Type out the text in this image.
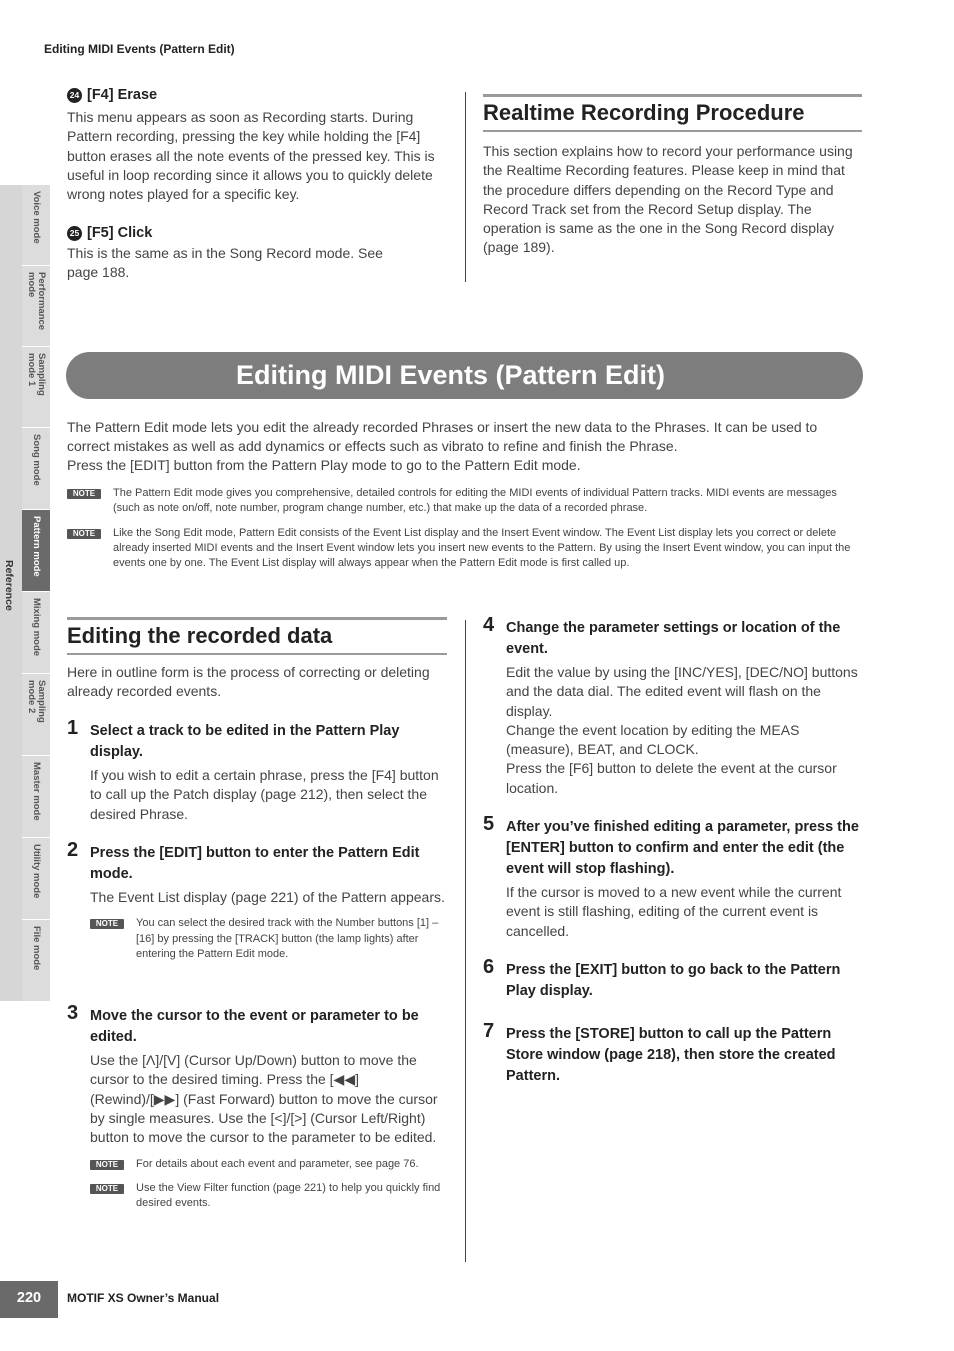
Editing MIDI Events (Pattern Edit)
Voice mode
Performance
mode
Sampling
mode 1
Song mode
Pattern mode
Mixing mode
Sampling
mode 2
Master mode
Utility mode
File mode
Reference
24 [F4] Erase
This menu appears as soon as Recording starts. During Pattern recording, pressing the key while holding the [F4] button erases all the note events of the pressed key. This is useful in loop recording since it allows you to quickly delete wrong notes played for a specific key.
25 [F5] Click
This is the same as in the Song Record mode. See page 188.
Realtime Recording Procedure
This section explains how to record your performance using the Realtime Recording features. Please keep in mind that the procedure differs depending on the Record Type and Record Track set from the Record Setup display. The operation is same as the one in the Song Record display (page 189).
Editing MIDI Events (Pattern Edit)
The Pattern Edit mode lets you edit the already recorded Phrases or insert the new data to the Phrases. It can be used to correct mistakes as well as add dynamics or effects such as vibrato to refine and finish the Phrase.
Press the [EDIT] button from the Pattern Play mode to go to the Pattern Edit mode.
NOTE	The Pattern Edit mode gives you comprehensive, detailed controls for editing the MIDI events of individual Pattern tracks. MIDI events are messages (such as note on/off, note number, program change number, etc.) that make up the data of a recorded phrase.
NOTE	Like the Song Edit mode, Pattern Edit consists of the Event List display and the Insert Event window. The Event List display lets you correct or delete already inserted MIDI events and the Insert Event window lets you insert new events to the Pattern. By using the Insert Event window, you can input the events one by one. The Event List display will always appear when the Pattern Edit mode is first called up.
Editing the recorded data
Here in outline form is the process of correcting or deleting already recorded events.
1 Select a track to be edited in the Pattern Play display.
If you wish to edit a certain phrase, press the [F4] button to call up the Patch display (page 212), then select the desired Phrase.
2 Press the [EDIT] button to enter the Pattern Edit mode.
The Event List display (page 221) of the Pattern appears.
NOTE	You can select the desired track with the Number buttons [1] – [16] by pressing the [TRACK] button (the lamp lights) after entering the Pattern Edit mode.
3 Move the cursor to the event or parameter to be edited.
Use the [Λ]/[V] (Cursor Up/Down) button to move the cursor to the desired timing. Press the [◀◀] (Rewind)/[▶▶] (Fast Forward) button to move the cursor by single measures. Use the [<]/[>] (Cursor Left/Right) button to move the cursor to the parameter to be edited.
NOTE	For details about each event and parameter, see page 76.
NOTE	Use the View Filter function (page 221) to help you quickly find desired events.
4 Change the parameter settings or location of the event.
Edit the value by using the [INC/YES], [DEC/NO] buttons and the data dial. The edited event will flash on the display.
Change the event location by editing the MEAS (measure), BEAT, and CLOCK.
Press the [F6] button to delete the event at the cursor location.
5 After you’ve finished editing a parameter, press the [ENTER] button to confirm and enter the edit (the event will stop flashing).
If the cursor is moved to a new event while the current event is still flashing, editing of the current event is cancelled.
6 Press the [EXIT] button to go back to the Pattern Play display.
7 Press the [STORE] button to call up the Pattern Store window (page 218), then store the created Pattern.
220	MOTIF XS Owner’s Manual
